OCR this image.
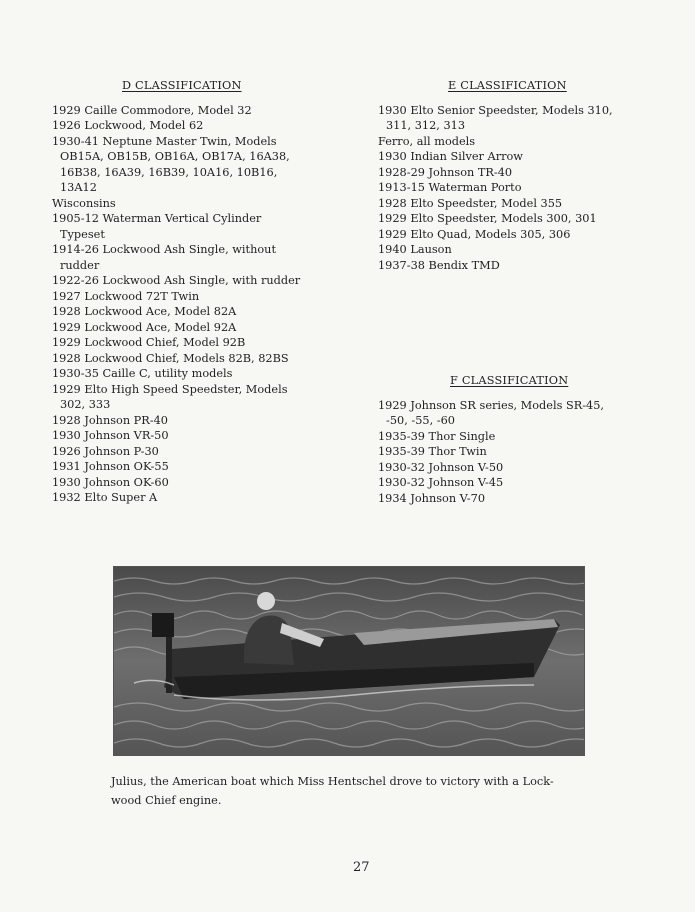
D CLASSIFICATION
1929 Caille Commodore, Model 32
1926 Lockwood, Model 62
1930-41 Neptune Master Twin, Models
OB15A, OB15B, OB16A, OB17A, 16A38,
16B38, 16A39, 16B39, 10A16, 10B16,
13A12
Wisconsins
1905-12 Waterman Vertical Cylinder
Typeset
1914-26 Lockwood Ash Single, without
rudder
1922-26 Lockwood Ash Single, with rudder
1927 Lockwood 72T Twin
1928 Lockwood Ace, Model 82A
1929 Lockwood Ace, Model 92A
1929 Lockwood Chief, Model 92B
1928 Lockwood Chief, Models 82B, 82BS
1930-35 Caille C, utility models
1929 Elto High Speed Speedster, Models
302, 333
1928 Johnson PR-40
1930 Johnson VR-50
1926 Johnson P-30
1931 Johnson OK-55
1930 Johnson OK-60
1932 Elto Super A
E CLASSIFICATION
1930 Elto Senior Speedster, Models 310,
311, 312, 313
Ferro, all models
1930 Indian Silver Arrow
1928-29 Johnson TR-40
1913-15 Waterman Porto
1928 Elto Speedster, Model 355
1929 Elto Speedster, Models 300, 301
1929 Elto Quad, Models 305, 306
1940 Lauson
1937-38 Bendix TMD
F CLASSIFICATION
1929 Johnson SR series, Models SR-45,
-50, -55, -60
1935-39 Thor Single
1935-39 Thor Twin
1930-32 Johnson V-50
1930-32 Johnson V-45
1934 Johnson V-70
Julius, the American boat which Miss Hentschel drove to victory with a Lock-
wood Chief engine.
27
